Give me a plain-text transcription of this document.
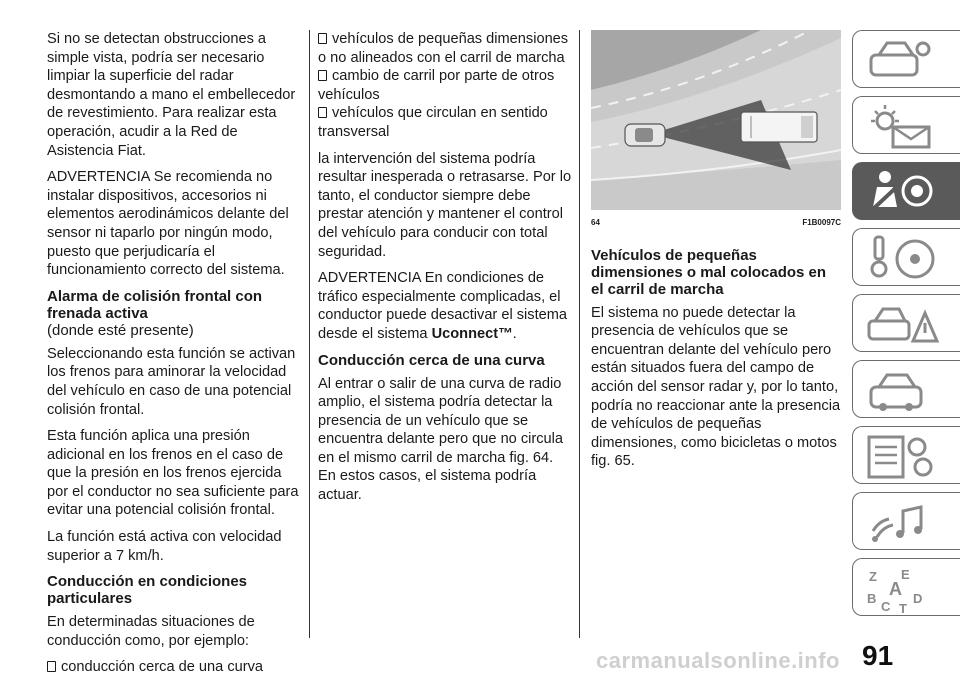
Si no se detectan obstrucciones a simple vista, podría ser necesario limpiar la superficie del radar desmontando a mano el embellecedor de revestimiento. Para realizar esta operación, acudir a la Red de Asistencia Fiat.

ADVERTENCIA Se recomienda no instalar dispositivos, accesorios ni elementos aerodinámicos delante del sensor ni taparlo por ningún modo, puesto que perjudicaría el funcionamiento correcto del sistema.

Alarma de colisión frontal con frenada activa
(donde esté presente)

Seleccionando esta función se activan los frenos para aminorar la velocidad del vehículo en caso de una potencial colisión frontal.

Esta función aplica una presión adicional en los frenos en el caso de que la presión en los frenos ejercida por el conductor no sea suficiente para evitar una potencial colisión frontal.

La función está activa con velocidad superior a 7 km/h.

Conducción en condiciones particulares

En determinadas situaciones de conducción como, por ejemplo:

conducción cerca de una curva

vehículos de pequeñas dimensiones o no alineados con el carril de marcha

cambio de carril por parte de otros vehículos

vehículos que circulan en sentido transversal

la intervención del sistema podría resultar inesperada o retrasarse. Por lo tanto, el conductor siempre debe prestar atención y mantener el control del vehículo para conducir con total seguridad.

ADVERTENCIA En condiciones de tráfico especialmente complicadas, el conductor puede desactivar el sistema desde el sistema Uconnect™.

Conducción cerca de una curva

Al entrar o salir de una curva de radio amplio, el sistema podría detectar la presencia de un vehículo que se encuentra delante pero que no circula en el mismo carril de marcha fig. 64. En estos casos, el sistema podría actuar.

64	F1B0097C
Vehículos de pequeñas dimensiones o mal colocados en el carril de marcha

El sistema no puede detectar la presencia de vehículos que se encuentran delante del vehículo pero están situados fuera del campo de acción del sensor radar y, por lo tanto, podría no reaccionar ante la presencia de vehículos de pequeñas dimensiones, como bicicletas o motos fig. 65.

Z E
B A
C T
D
carmanualsonline.info 91
